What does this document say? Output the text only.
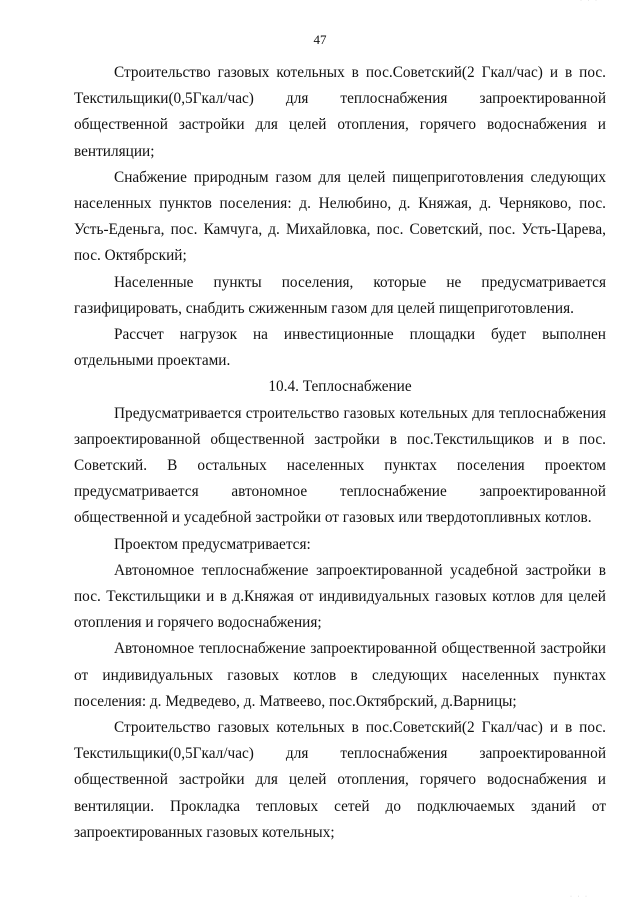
· · ·
47

Строительство газовых котельных в пос.Советский(2 Гкал/час) и в пос. Текстильщики(0,5Гкал/час) для теплоснабжения запроектированной общественной застройки для целей отопления, горячего водоснабжения и вентиляции;

Снабжение природным газом для целей пищеприготовления следующих населенных пунктов поселения: д. Нелюбино, д. Княжая, д. Черняково, пос. Усть-Еденьга, пос. Камчуга, д. Михайловка, пос. Советский, пос. Усть-Царева, пос. Октябрский;

Населенные пункты поселения, которые не предусматривается газифицировать, снабдить сжиженным газом для целей пищеприготовления.

Рассчет нагрузок на инвестиционные площадки будет выполнен отдельными проектами.

10.4. Теплоснабжение

Предусматривается строительство газовых котельных для теплоснабжения запроектированной общественной застройки в пос.Текстильщиков и в пос. Советский. В остальных населенных пунктах поселения проектом предусматривается автономное теплоснабжение запроектированной общественной и усадебной застройки от газовых или твердотопливных котлов.

Проектом предусматривается:

Автономное теплоснабжение запроектированной усадебной застройки в пос. Текстильщики и в д.Княжая от индивидуальных газовых котлов для целей отопления и горячего водоснабжения;

Автономное теплоснабжение запроектированной общественной застройки от индивидуальных газовых котлов в следующих населенных пунктах поселения: д. Медведево, д. Матвеево, пос.Октябрский, д.Варницы;

Строительство газовых котельных в пос.Советский(2 Гкал/час) и в пос. Текстильщики(0,5Гкал/час) для теплоснабжения запроектированной общественной застройки для целей отопления, горячего водоснабжения и вентиляции. Прокладка тепловых сетей до подключаемых зданий от запроектированных газовых котельных;

· · ·
